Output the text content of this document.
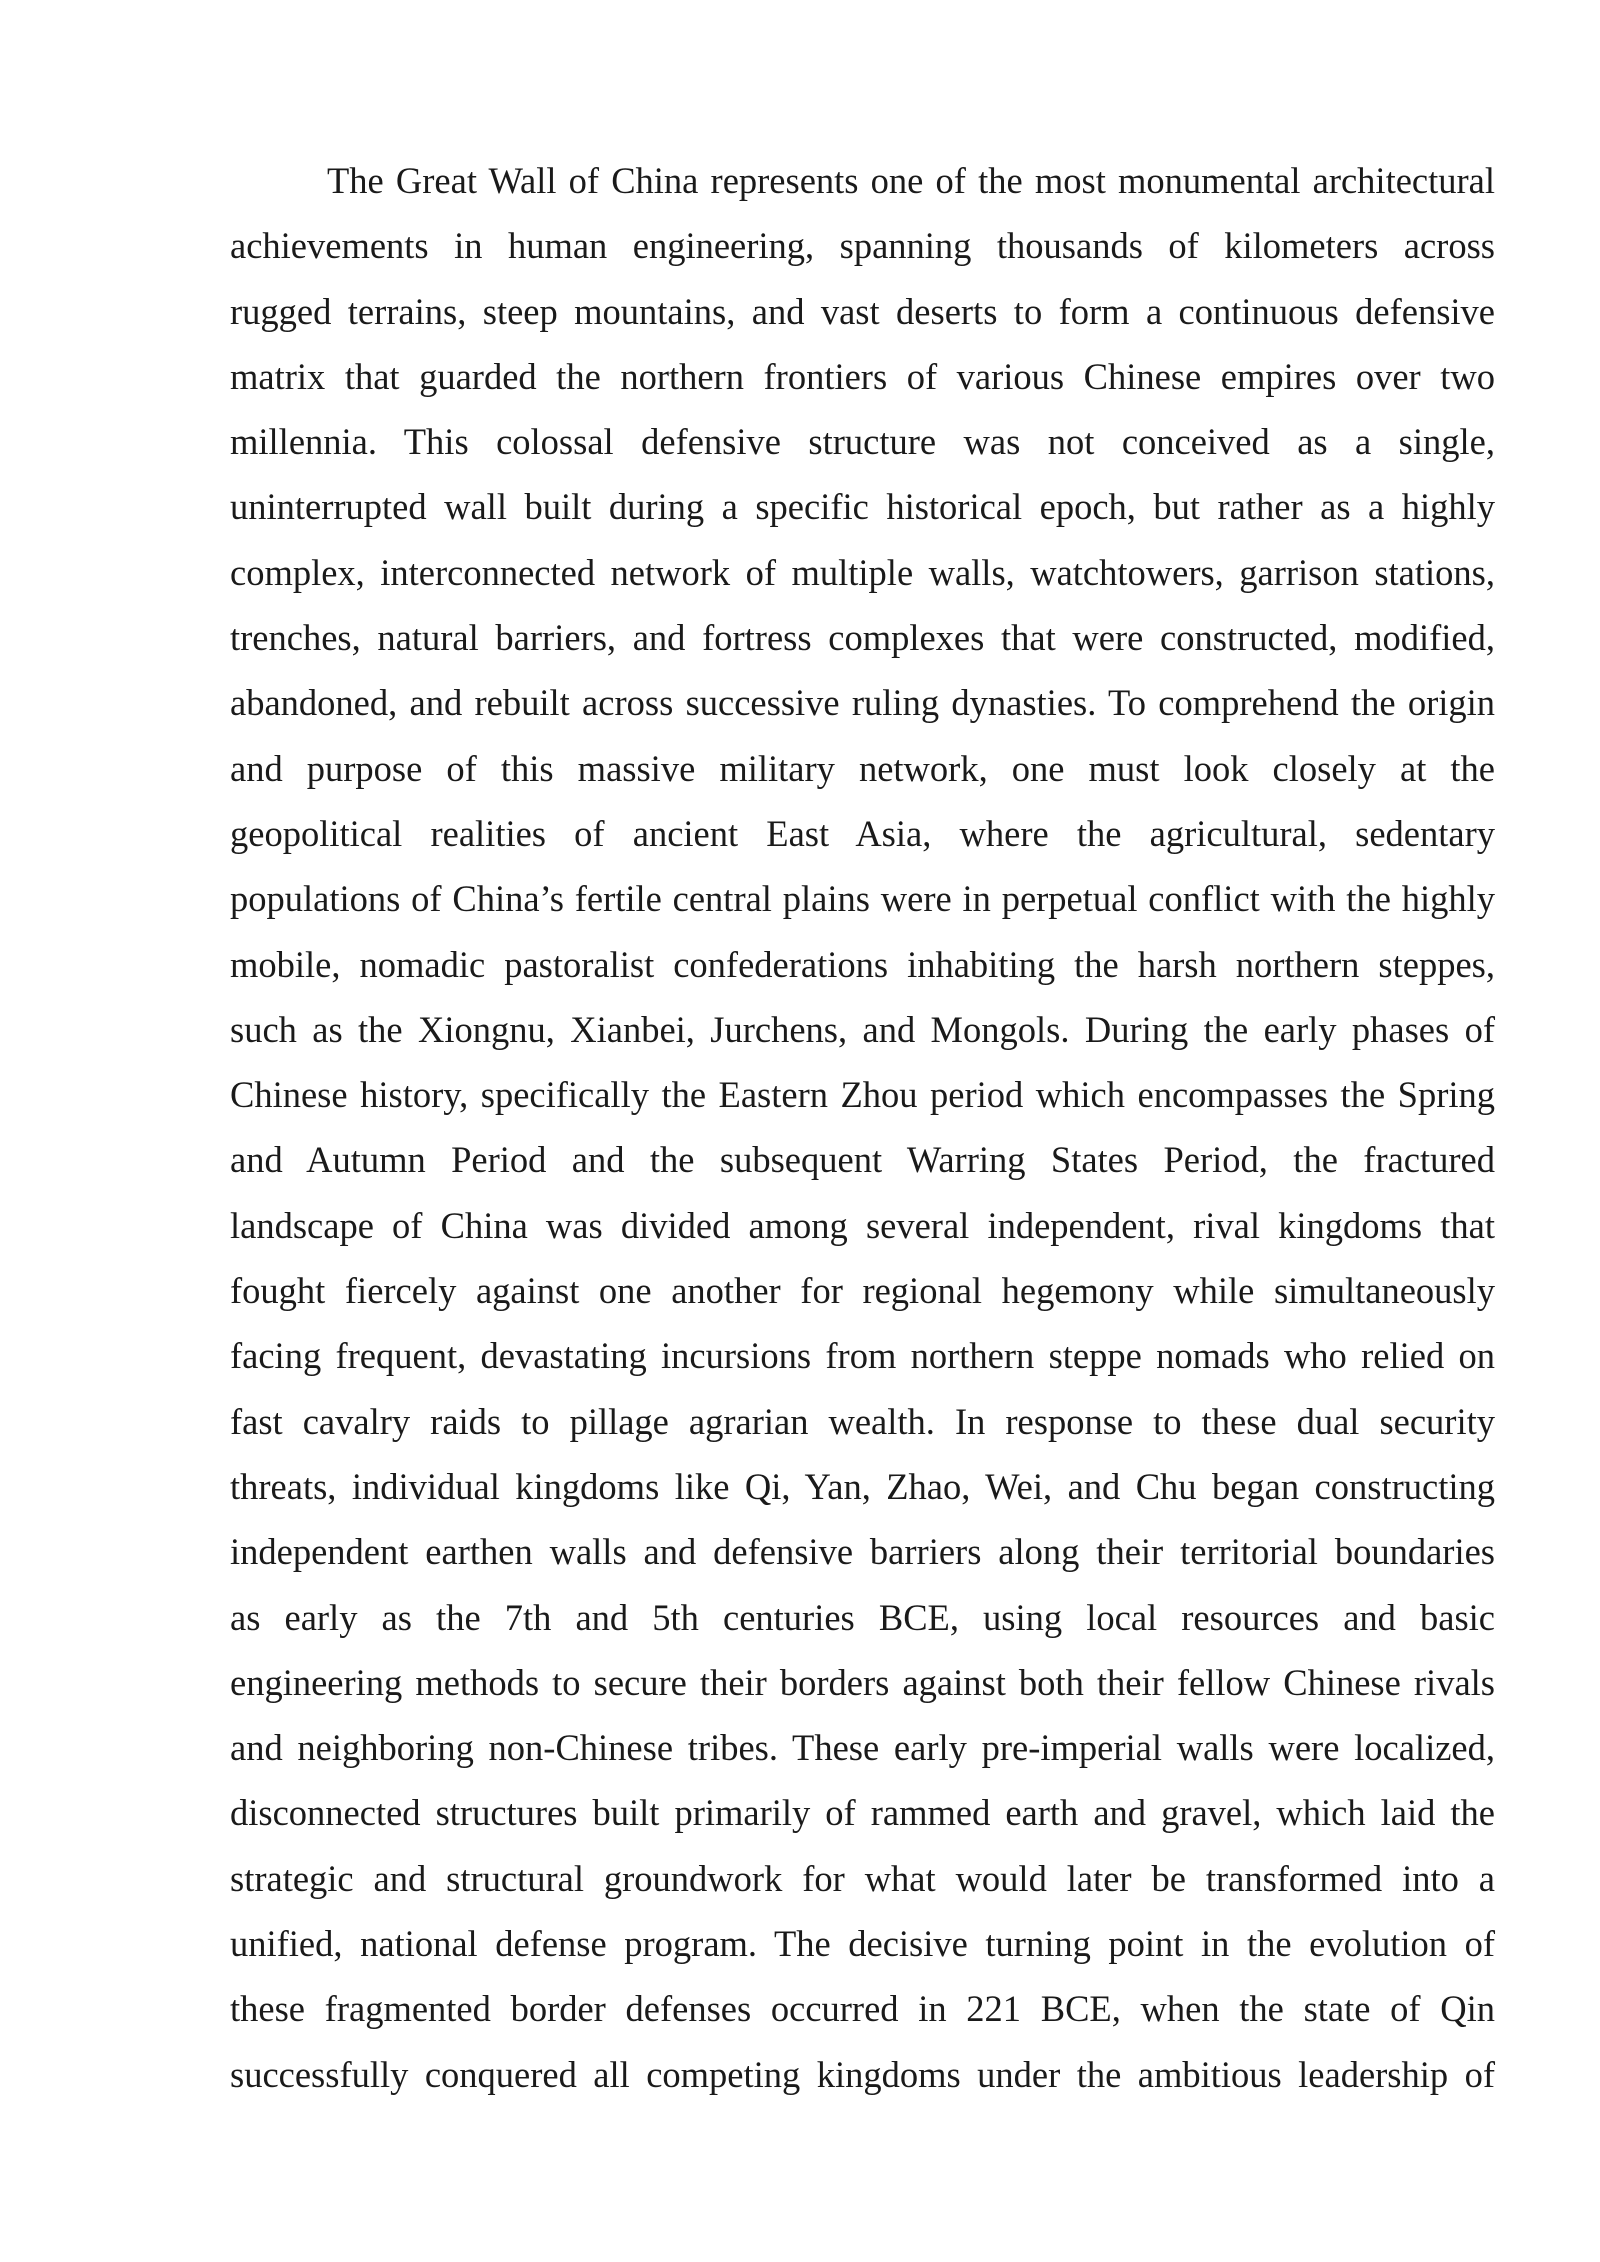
The Great Wall of China represents one of the most monumental architectural
achievements in human engineering, spanning thousands of kilometers across
rugged terrains, steep mountains, and vast deserts to form a continuous defensive
matrix that guarded the northern frontiers of various Chinese empires over two
millennia. This colossal defensive structure was not conceived as a single,
uninterrupted wall built during a specific historical epoch, but rather as a highly
complex, interconnected network of multiple walls, watchtowers, garrison stations,
trenches, natural barriers, and fortress complexes that were constructed, modified,
abandoned, and rebuilt across successive ruling dynasties. To comprehend the origin
and purpose of this massive military network, one must look closely at the
geopolitical realities of ancient East Asia, where the agricultural, sedentary
populations of China’s fertile central plains were in perpetual conflict with the highly
mobile, nomadic pastoralist confederations inhabiting the harsh northern steppes,
such as the Xiongnu, Xianbei, Jurchens, and Mongols. During the early phases of
Chinese history, specifically the Eastern Zhou period which encompasses the Spring
and Autumn Period and the subsequent Warring States Period, the fractured
landscape of China was divided among several independent, rival kingdoms that
fought fiercely against one another for regional hegemony while simultaneously
facing frequent, devastating incursions from northern steppe nomads who relied on
fast cavalry raids to pillage agrarian wealth. In response to these dual security
threats, individual kingdoms like Qi, Yan, Zhao, Wei, and Chu began constructing
independent earthen walls and defensive barriers along their territorial boundaries
as early as the 7th and 5th centuries BCE, using local resources and basic
engineering methods to secure their borders against both their fellow Chinese rivals
and neighboring non-Chinese tribes. These early pre-imperial walls were localized,
disconnected structures built primarily of rammed earth and gravel, which laid the
strategic and structural groundwork for what would later be transformed into a
unified, national defense program. The decisive turning point in the evolution of
these fragmented border defenses occurred in 221 BCE, when the state of Qin
successfully conquered all competing kingdoms under the ambitious leadership of
